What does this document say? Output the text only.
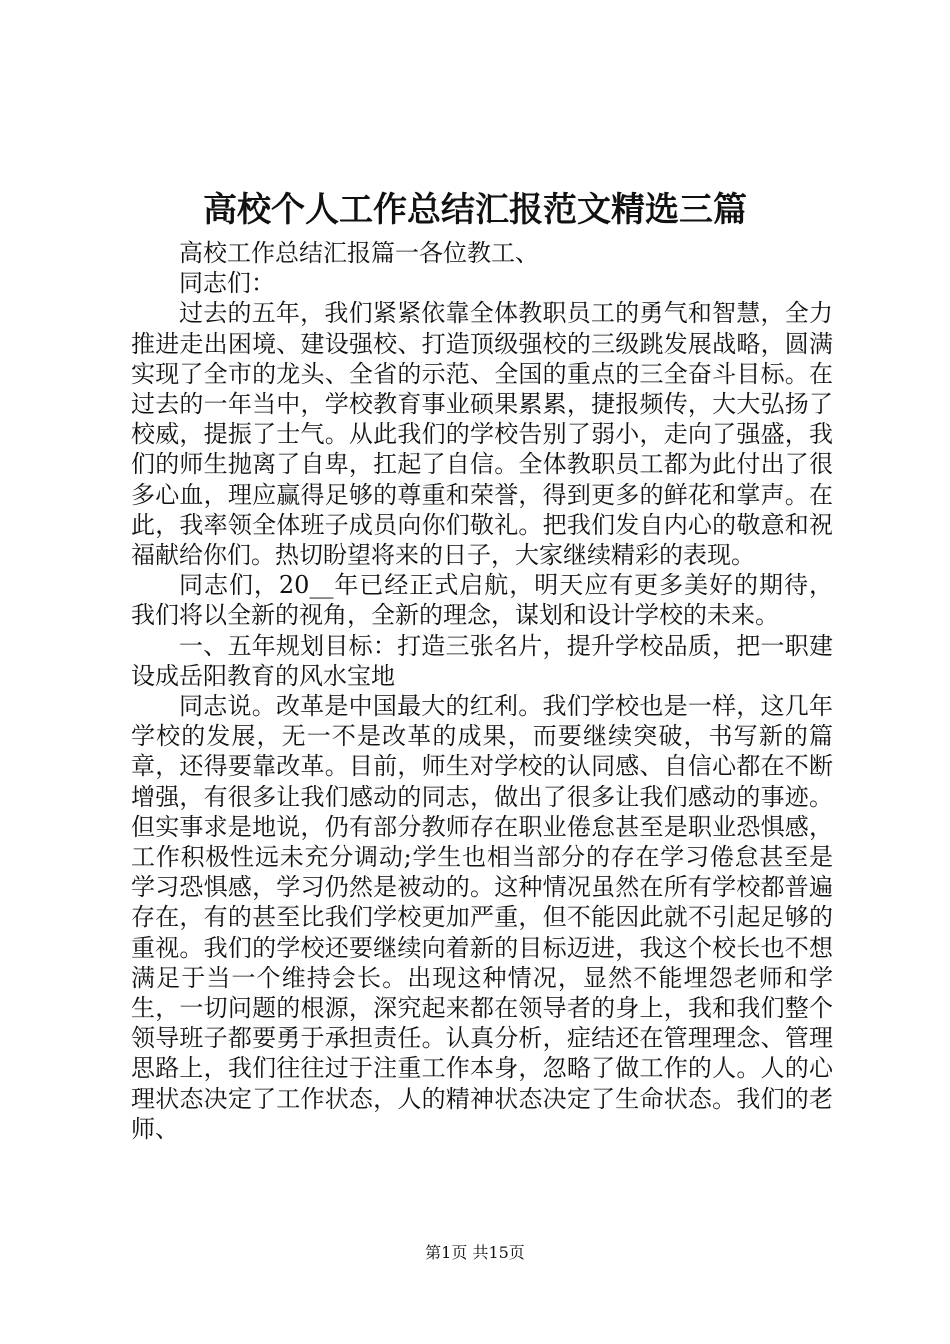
高校个人工作总结汇报范文精选三篇

高校工作总结汇报篇一各位教工、

同志们：

过去的五年，我们紧紧依靠全体教职员工的勇气和智慧，全力推进走出困境、建设强校、打造顶级强校的三级跳发展战略，圆满实现了全市的龙头、全省的示范、全国的重点的三全奋斗目标。在过去的一年当中，学校教育事业硕果累累，捷报频传，大大弘扬了校威，提振了士气。从此我们的学校告别了弱小，走向了强盛，我们的师生抛离了自卑，扛起了自信。全体教职员工都为此付出了很多心血，理应赢得足够的尊重和荣誉，得到更多的鲜花和掌声。在此，我率领全体班子成员向你们敬礼。把我们发自内心的敬意和祝福献给你们。热切盼望将来的日子，大家继续精彩的表现。

同志们，20__年已经正式启航，明天应有更多美好的期待，我们将以全新的视角，全新的理念，谋划和设计学校的未来。

一、五年规划目标：打造三张名片，提升学校品质，把一职建设成岳阳教育的风水宝地

同志说。改革是中国最大的红利。我们学校也是一样，这几年学校的发展，无一不是改革的成果，而要继续突破，书写新的篇章，还得要靠改革。目前，师生对学校的认同感、自信心都在不断增强，有很多让我们感动的同志，做出了很多让我们感动的事迹。但实事求是地说，仍有部分教师存在职业倦怠甚至是职业恐惧感，工作积极性远未充分调动;学生也相当部分的存在学习倦怠甚至是学习恐惧感，学习仍然是被动的。这种情况虽然在所有学校都普遍存在，有的甚至比我们学校更加严重，但不能因此就不引起足够的重视。我们的学校还要继续向着新的目标迈进，我这个校长也不想满足于当一个维持会长。出现这种情况，显然不能埋怨老师和学生，一切问题的根源，深究起来都在领导者的身上，我和我们整个领导班子都要勇于承担责任。认真分析，症结还在管理理念、管理思路上，我们往往过于注重工作本身，忽略了做工作的人。人的心理状态决定了工作状态，人的精神状态决定了生命状态。我们的老师、

第1页 共15页
